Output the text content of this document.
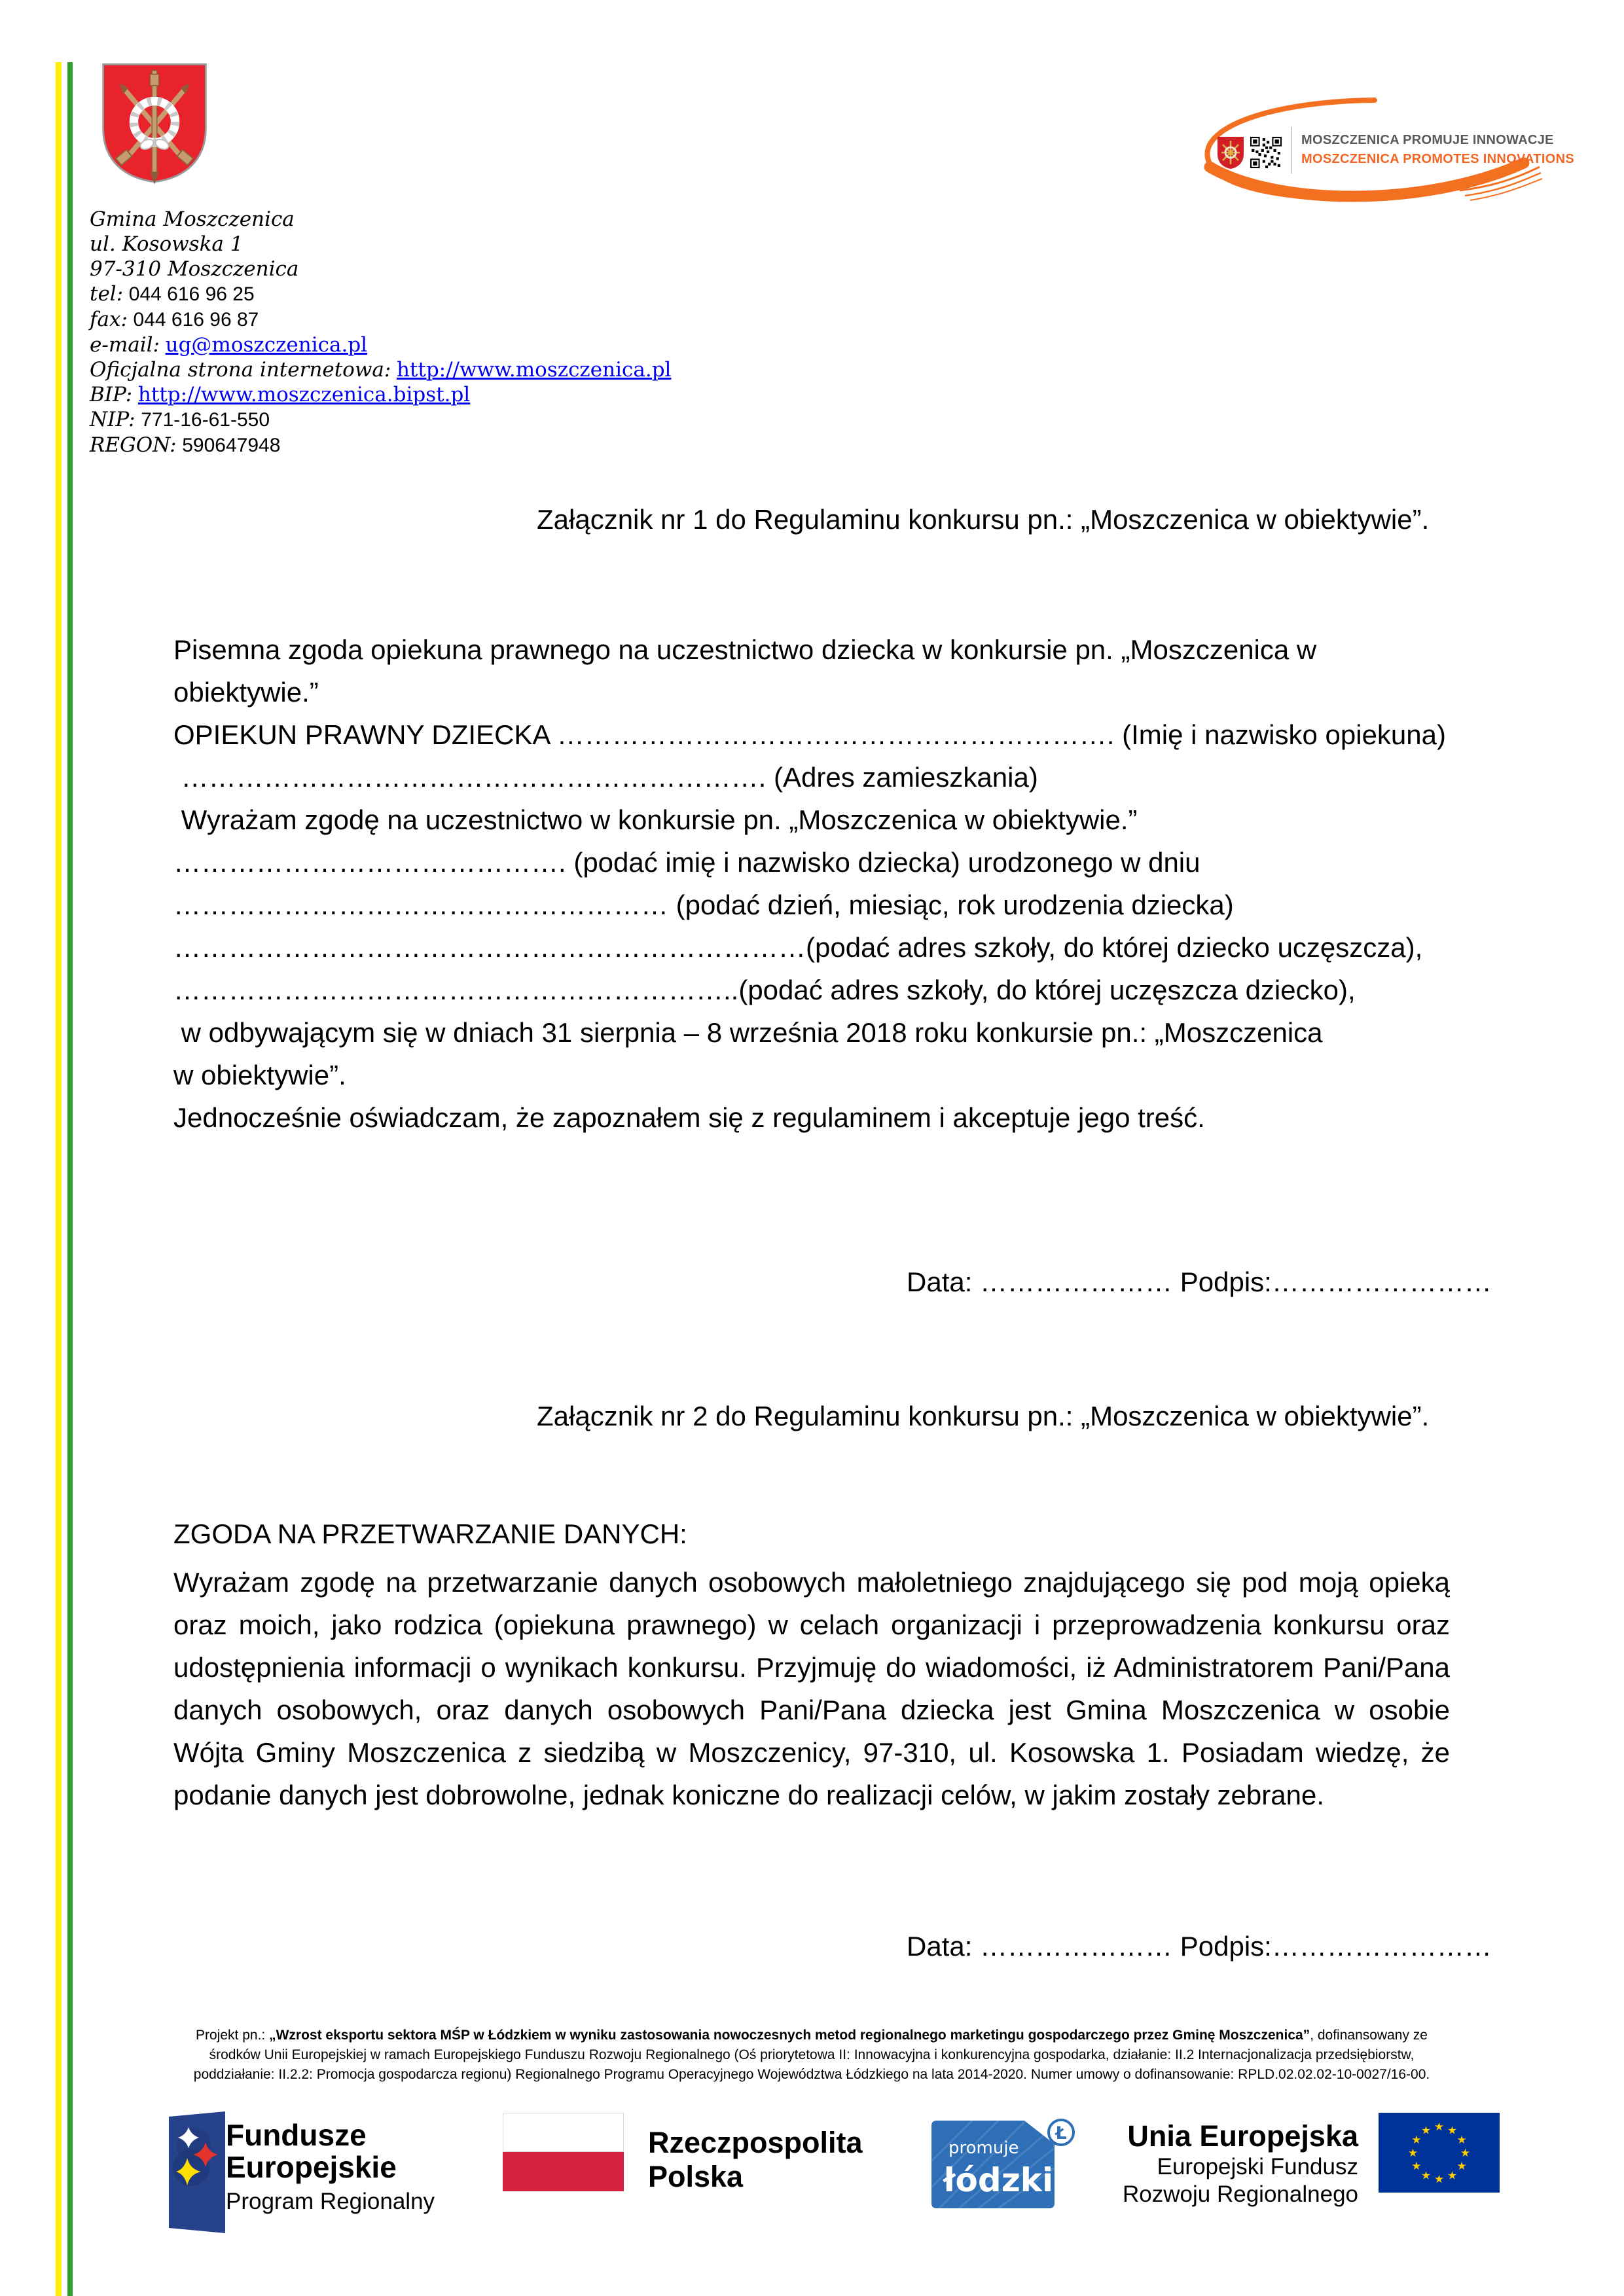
MOSZCZENICA PROMUJE INNOWACJE
MOSZCZENICA PROMOTES INNOVATIONS
Gmina Moszczenica
ul. Kosowska 1
97-310 Moszczenica
tel: 044 616 96 25
fax: 044 616 96 87
e-mail: ug@moszczenica.pl
Oficjalna strona internetowa: http://www.moszczenica.pl
BIP: http://www.moszczenica.bipst.pl
NIP: 771-16-61-550
REGON: 590647948
Załącznik nr 1 do Regulaminu konkursu pn.: „Moszczenica w obiektywie”.
Pisemna zgoda opiekuna prawnego na uczestnictwo dziecka w konkursie pn. „Moszczenica w
obiektywie.”
OPIEKUN PRAWNY DZIECKA ……………………………………………………. (Imię i nazwisko opiekuna)
………………………………………………………. (Adres zamieszkania)
Wyrażam zgodę na uczestnictwo w konkursie pn. „Moszczenica w obiektywie.”
……………………………………. (podać imię i nazwisko dziecka) urodzonego w dniu
……………………………………………… (podać dzień, miesiąc, rok urodzenia dziecka)
……………………………………………………………(podać adres szkoły, do której dziecko uczęszcza),
……………………………………………………..(podać adres szkoły, do której uczęszcza dziecko),
w odbywającym się w dniach 31 sierpnia – 8 września 2018 roku konkursie pn.: „Moszczenica
w obiektywie”.
Jednocześnie oświadczam, że zapoznałem się z regulaminem i akceptuje jego treść.
Data: ………………… Podpis:……………………
Załącznik nr 2 do Regulaminu konkursu pn.: „Moszczenica w obiektywie”.
ZGODA NA PRZETWARZANIE DANYCH:
Wyrażam zgodę na przetwarzanie danych osobowych małoletniego znajdującego się pod moją opieką oraz moich, jako rodzica (opiekuna prawnego) w celach organizacji i przeprowadzenia konkursu oraz udostępnienia informacji o wynikach konkursu. Przyjmuję do wiadomości, iż Administratorem Pani/Pana danych osobowych, oraz danych osobowych Pani/Pana dziecka jest Gmina Moszczenica w osobie Wójta Gminy Moszczenica z siedzibą w Moszczenicy, 97-310, ul. Kosowska 1. Posiadam wiedzę, że podanie danych jest dobrowolne, jednak koniczne do realizacji celów, w jakim zostały zebrane.
Data: ………………… Podpis:……………………
Projekt pn.: „Wzrost eksportu sektora MŚP w Łódzkiem w wyniku zastosowania nowoczesnych metod regionalnego marketingu gospodarczego przez Gminę Moszczenica”, dofinansowany ze środków Unii Europejskiej w ramach Europejskiego Funduszu Rozwoju Regionalnego (Oś priorytetowa II: Innowacyjna i konkurencyjna gospodarka, działanie: II.2 Internacjonalizacja przedsiębiorstw, poddziałanie: II.2.2: Promocja gospodarcza regionu) Regionalnego Programu Operacyjnego Województwa Łódzkiego na lata 2014-2020. Numer umowy o dofinansowanie: RPLD.02.02.02-10-0027/16-00.
Fundusze
Europejskie
Program Regionalny
Rzeczpospolita
Polska
promuje
łódzkie
Ł	Unia Europejska
Europejski Fundusz
Rozwoju Regionalnego
★ ★
★
★
★
★
★
★
★
★
★
★
